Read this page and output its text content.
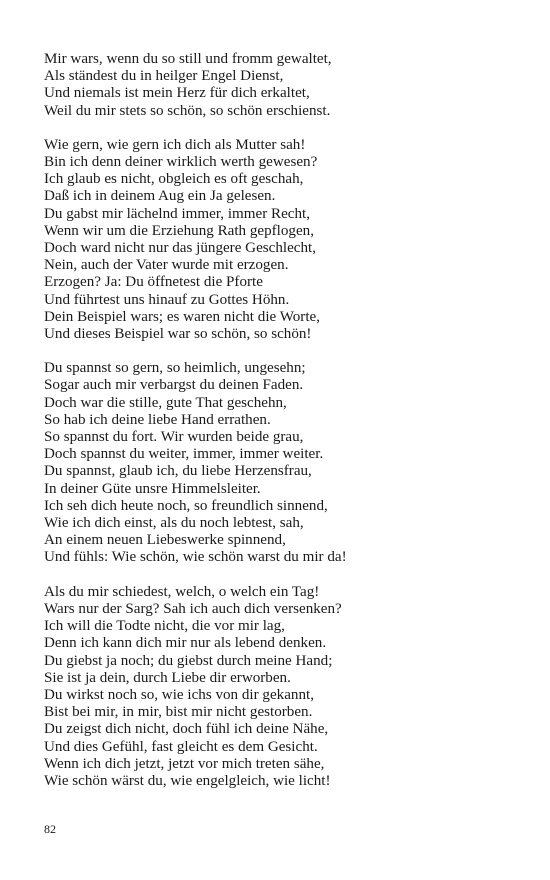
Mir wars, wenn du so still und fromm gewaltet,
Als ständest du in heilger Engel Dienst,
Und niemals ist mein Herz für dich erkaltet,
Weil du mir stets so schön, so schön erschienst.
Wie gern, wie gern ich dich als Mutter sah!
Bin ich denn deiner wirklich werth gewesen?
Ich glaub es nicht, obgleich es oft geschah,
Daß ich in deinem Aug ein Ja gelesen.
Du gabst mir lächelnd immer, immer Recht,
Wenn wir um die Erziehung Rath gepflogen,
Doch ward nicht nur das jüngere Geschlecht,
Nein, auch der Vater wurde mit erzogen.
Erzogen? Ja: Du öffnetest die Pforte
Und führtest uns hinauf zu Gottes Höhn.
Dein Beispiel wars; es waren nicht die Worte,
Und dieses Beispiel war so schön, so schön!
Du spannst so gern, so heimlich, ungesehn;
Sogar auch mir verbargst du deinen Faden.
Doch war die stille, gute That geschehn,
So hab ich deine liebe Hand errathen.
So spannst du fort. Wir wurden beide grau,
Doch spannst du weiter, immer, immer weiter.
Du spannst, glaub ich, du liebe Herzensfrau,
In deiner Güte unsre Himmelsleiter.
Ich seh dich heute noch, so freundlich sinnend,
Wie ich dich einst, als du noch lebtest, sah,
An einem neuen Liebeswerke spinnend,
Und fühls: Wie schön, wie schön warst du mir da!
Als du mir schiedest, welch, o welch ein Tag!
Wars nur der Sarg? Sah ich auch dich versenken?
Ich will die Todte nicht, die vor mir lag,
Denn ich kann dich mir nur als lebend denken.
Du giebst ja noch; du giebst durch meine Hand;
Sie ist ja dein, durch Liebe dir erworben.
Du wirkst noch so, wie ichs von dir gekannt,
Bist bei mir, in mir, bist mir nicht gestorben.
Du zeigst dich nicht, doch fühl ich deine Nähe,
Und dies Gefühl, fast gleicht es dem Gesicht.
Wenn ich dich jetzt, jetzt vor mich treten sähe,
Wie schön wärst du, wie engelgleich, wie licht!
82
